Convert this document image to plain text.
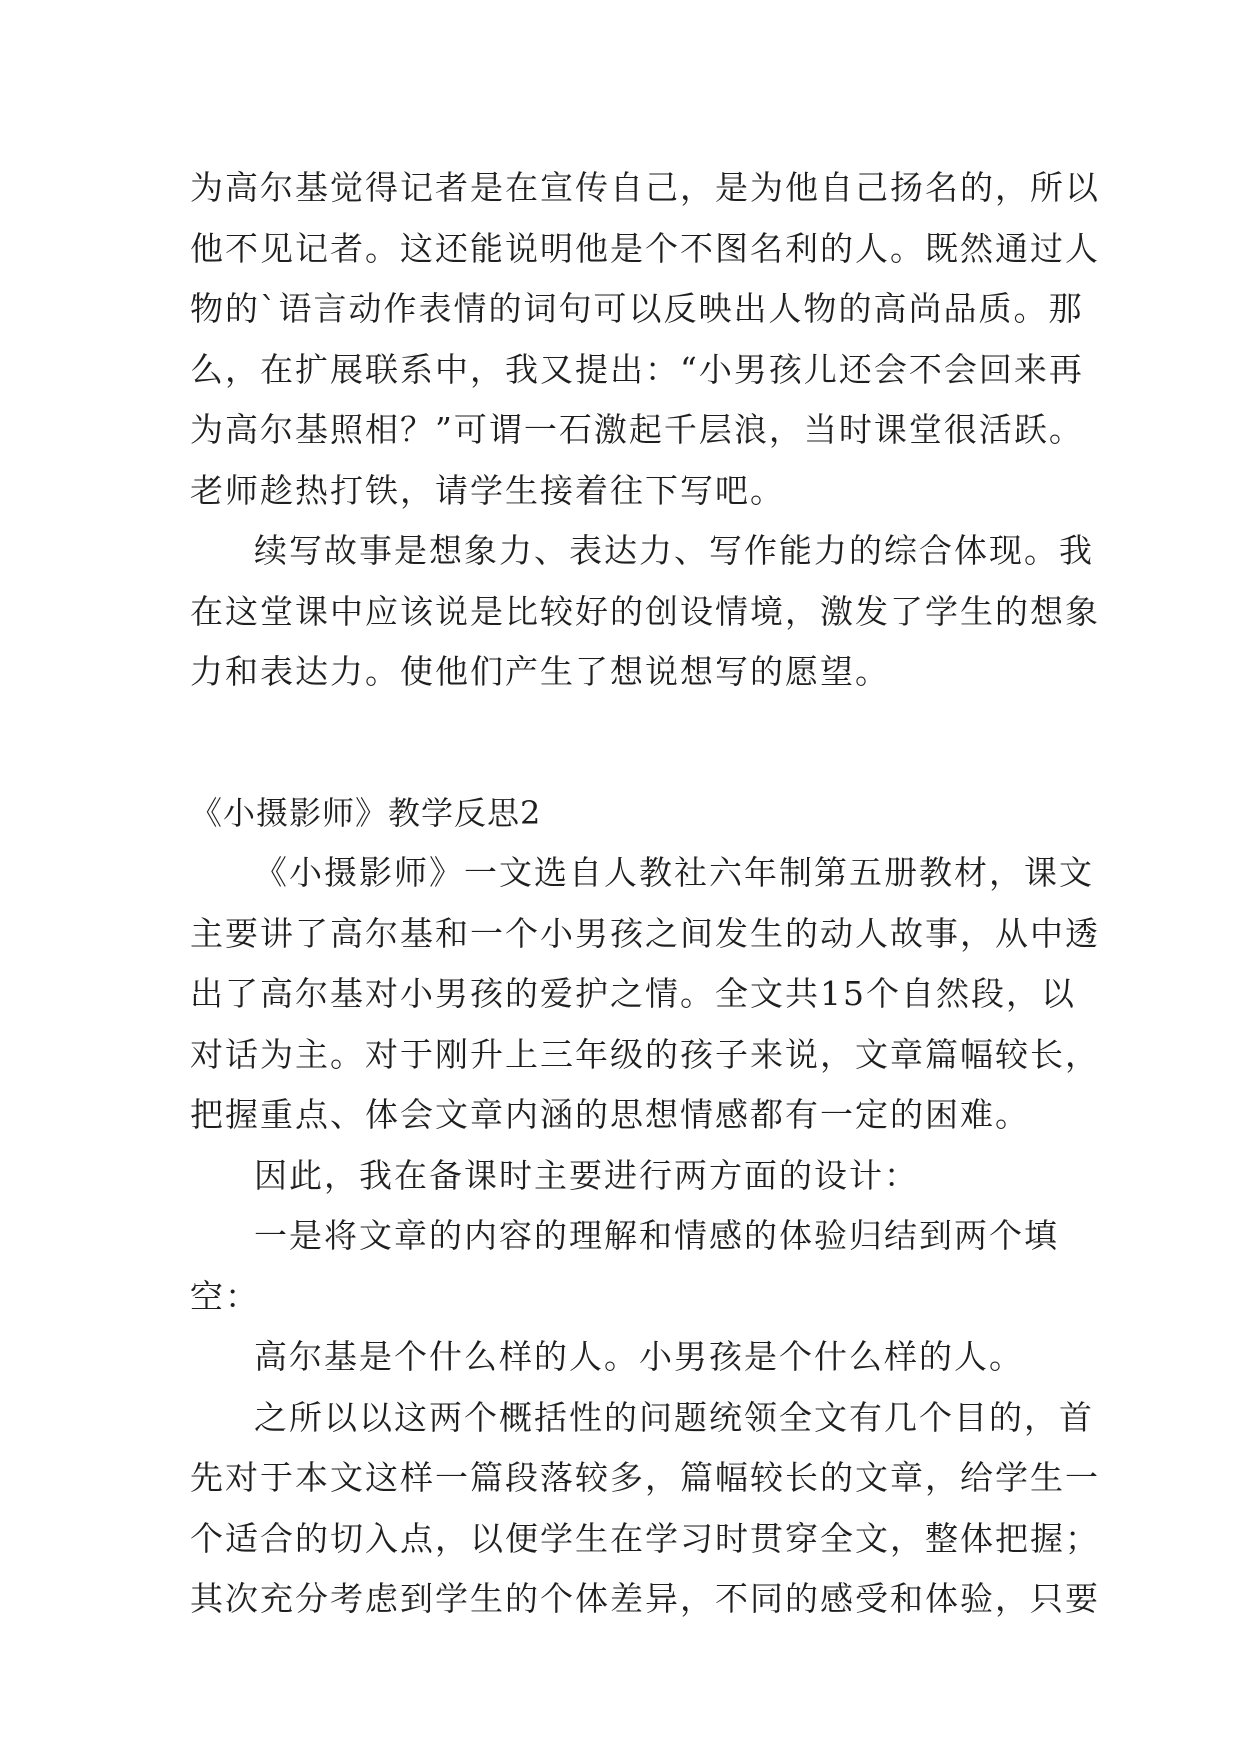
为高尔基觉得记者是在宣传自己，是为他自己扬名的，所以
他不见记者。这还能说明他是个不图名利的人。既然通过人
物的`语言动作表情的词句可以反映出人物的高尚品质。那
么，在扩展联系中，我又提出：“小男孩儿还会不会回来再
为高尔基照相？”可谓一石激起千层浪，当时课堂很活跃。
老师趁热打铁，请学生接着往下写吧。
续写故事是想象力、表达力、写作能力的综合体现。我
在这堂课中应该说是比较好的创设情境，激发了学生的想象
力和表达力。使他们产生了想说想写的愿望。
《小摄影师》教学反思2
《小摄影师》一文选自人教社六年制第五册教材，课文
主要讲了高尔基和一个小男孩之间发生的动人故事，从中透
出了高尔基对小男孩的爱护之情。全文共15个自然段，以
对话为主。对于刚升上三年级的孩子来说，文章篇幅较长，
把握重点、体会文章内涵的思想情感都有一定的困难。
因此，我在备课时主要进行两方面的设计：
一是将文章的内容的理解和情感的体验归结到两个填
空：
高尔基是个什么样的人。小男孩是个什么样的人。
之所以以这两个概括性的问题统领全文有几个目的，首
先对于本文这样一篇段落较多，篇幅较长的文章，给学生一
个适合的切入点，以便学生在学习时贯穿全文，整体把握；
其次充分考虑到学生的个体差异，不同的感受和体验，只要
